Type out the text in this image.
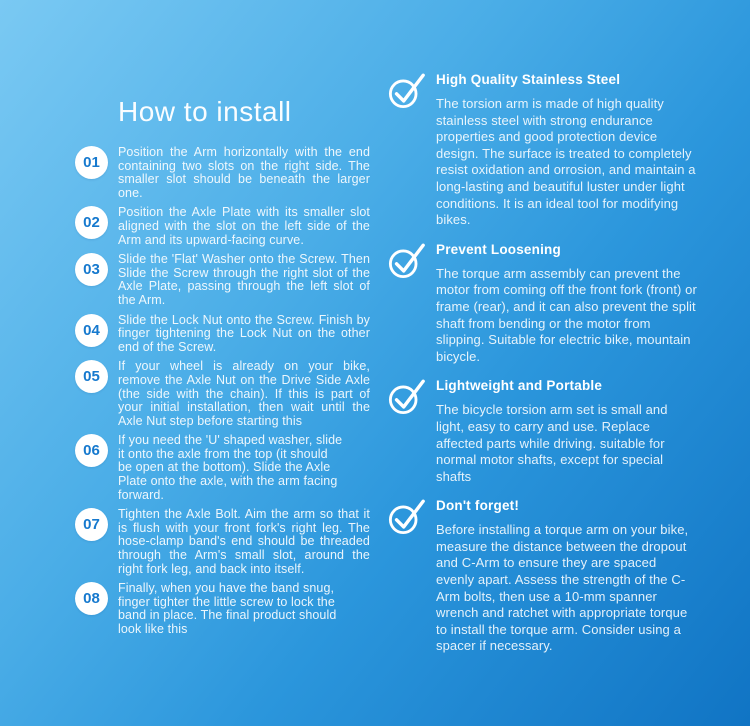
How to install
01

Position the Arm horizontally with the end containing two slots on the right side. The smaller slot should be beneath the larger one.

02

Position the Axle Plate with its smaller slot aligned with the slot on the left side of the Arm and its upward-facing curve.

03

Slide the 'Flat' Washer onto the Screw. Then Slide the Screw through the right slot of the Axle Plate, passing through the left slot of the Arm.

04

Slide the Lock Nut onto the Screw. Finish by finger tightening the Lock Nut on the other end of the Screw.

05

If your wheel is already on your bike, remove the Axle Nut on the Drive Side Axle (the side with the chain). If this is part of your initial installation, then wait until the Axle Nut step before starting this

06

If you need the 'U' shaped washer, slide it onto the axle from the top (it should be open at the bottom). Slide the Axle Plate onto the axle, with the arm facing forward.

07

Tighten the Axle Bolt. Aim the arm so that it is flush with your front fork's right leg. The hose-clamp band's end should be threaded through the Arm's small slot, around the right fork leg, and back into itself.

08

Finally, when you have the band snug, finger tighter the little screw to lock the band in place. The final product should look like this

High Quality Stainless Steel

The torsion arm is made of high quality stainless steel with strong endurance properties and good protection device design. The surface is treated to completely resist oxidation and orrosion, and maintain a long-lasting and beautiful luster under light conditions. It is an ideal tool for modifying bikes.

Prevent Loosening

The torque arm assembly can prevent the motor from coming off the front fork (front) or frame (rear), and it can also prevent the split shaft from bending or the motor from slipping. Suitable for electric bike, mountain bicycle.

Lightweight and Portable

The bicycle torsion arm set is small and light, easy to carry and use. Replace affected parts while driving. suitable for normal motor shafts, except for special shafts

Don't forget!

Before installing a torque arm on your bike, measure the distance between the dropout and C-Arm to ensure they are spaced evenly apart. Assess the strength of the C-Arm bolts, then use a 10-mm spanner wrench and ratchet with appropriate torque to install the torque arm. Consider using a spacer if necessary.
